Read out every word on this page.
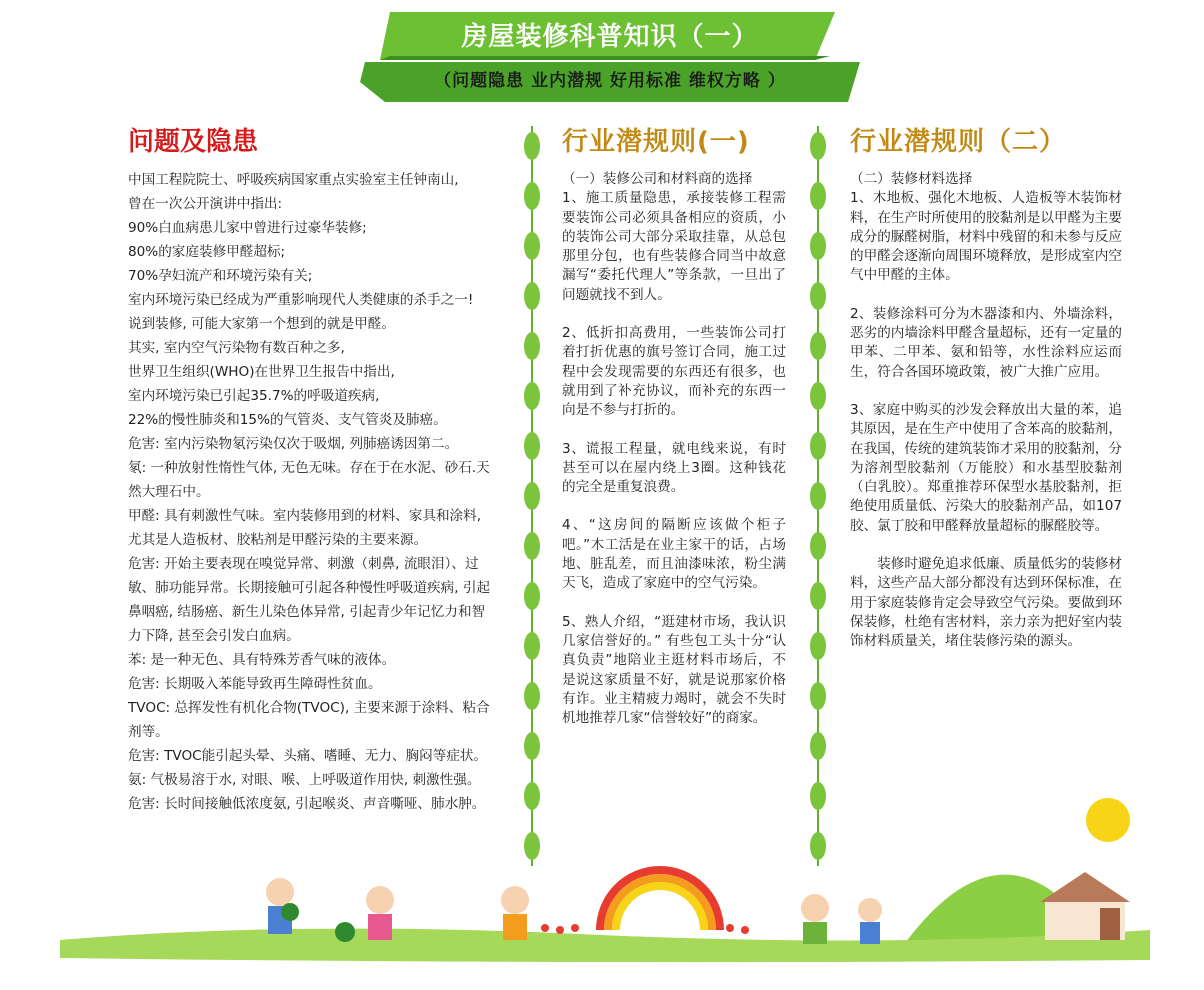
房屋装修科普知识（一）
（问题隐患 业内潜规 好用标准 维权方略 ）

问题及隐患

中国工程院院士、呼吸疾病国家重点实验室主任钟南山,

曾在一次公开演讲中指出:

90%白血病患儿家中曾进行过豪华装修;

80%的家庭装修甲醛超标;

70%孕妇流产和环境污染有关;

室内环境污染已经成为严重影响现代人类健康的杀手之一!

说到装修, 可能大家第一个想到的就是甲醛。

其实, 室内空气污染物有数百种之多,

世界卫生组织(WHO)在世界卫生报告中指出,

室内环境污染已引起35.7%的呼吸道疾病,

22%的慢性肺炎和15%的气管炎、支气管炎及肺癌。

危害: 室内污染物氡污染仅次于吸烟, 列肺癌诱因第二。

氡: 一种放射性惰性气体, 无色无味。存在于在水泥、砂石.天然大理石中。

甲醛: 具有刺激性气味。室内装修用到的材料、家具和涂料, 尤其是人造板材、胶粘剂是甲醛污染的主要来源。

危害: 开始主要表现在嗅觉异常、刺激（刺鼻, 流眼泪）、过敏、肺功能异常。长期接触可引起各种慢性呼吸道疾病, 引起鼻咽癌, 结肠癌、新生儿染色体异常, 引起青少年记忆力和智力下降, 甚至会引发白血病。

苯: 是一种无色、具有特殊芳香气味的液体。

危害: 长期吸入苯能导致再生障碍性贫血。

TVOC: 总挥发性有机化合物(TVOC), 主要来源于涂料、粘合剂等。

危害: TVOC能引起头晕、头痛、嗜睡、无力、胸闷等症状。

氨: 气极易溶于水, 对眼、喉、上呼吸道作用快, 刺激性强。

危害: 长时间接触低浓度氨, 引起喉炎、声音嘶哑、肺水肿。

行业潜规则(一)

（一）装修公司和材料商的选择

1、施工质量隐患，承接装修工程需要装饰公司必须具备相应的资质，小的装饰公司大部分采取挂靠，从总包那里分包，也有些装修合同当中故意漏写“委托代理人”等条款，一旦出了问题就找不到人。

2、低折扣高费用，一些装饰公司打着打折优惠的旗号签订合同，施工过程中会发现需要的东西还有很多，也就用到了补充协议，而补充的东西一向是不参与打折的。

3、谎报工程量，就电线来说，有时甚至可以在屋内绕上3圈。这种钱花的完全是重复浪费。

4、“这房间的隔断应该做个柜子吧。”木工活是在业主家干的话，占场地、脏乱差，而且油漆味浓，粉尘满天飞，造成了家庭中的空气污染。

5、熟人介绍，“逛建材市场，我认识几家信誉好的。” 有些包工头十分“认真负责”地陪业主逛材料市场后，不是说这家质量不好，就是说那家价格有诈。业主精疲力竭时，就会不失时机地推荐几家“信誉较好”的商家。

行业潜规则（二）

（二）装修材料选择

1、木地板、强化木地板、人造板等木装饰材料，在生产时所使用的胶黏剂是以甲醛为主要成分的脲醛树脂，材料中残留的和未参与反应的甲醛会逐渐向周围环境释放，是形成室内空气中甲醛的主体。

2、装修涂料可分为木器漆和内、外墙涂料，恶劣的内墙涂料甲醛含量超标，还有一定量的甲苯、二甲苯、氨和铅等，水性涂料应运而生，符合各国环境政策，被广大推广应用。

3、家庭中购买的沙发会释放出大量的苯，追其原因，是在生产中使用了含苯高的胶黏剂，在我国，传统的建筑装饰才采用的胶黏剂，分为溶剂型胶黏剂（万能胶）和水基型胶黏剂（白乳胶）。郑重推荐环保型水基胶黏剂，拒绝使用质量低、污染大的胶黏剂产品，如107胶、氯丁胶和甲醛释放量超标的脲醛胶等。

装修时避免追求低廉、质量低劣的装修材料，这些产品大部分都没有达到环保标准，在用于家庭装修肯定会导致空气污染。要做到环保装修，杜绝有害材料，亲力亲为把好室内装饰材料质量关，堵住装修污染的源头。
